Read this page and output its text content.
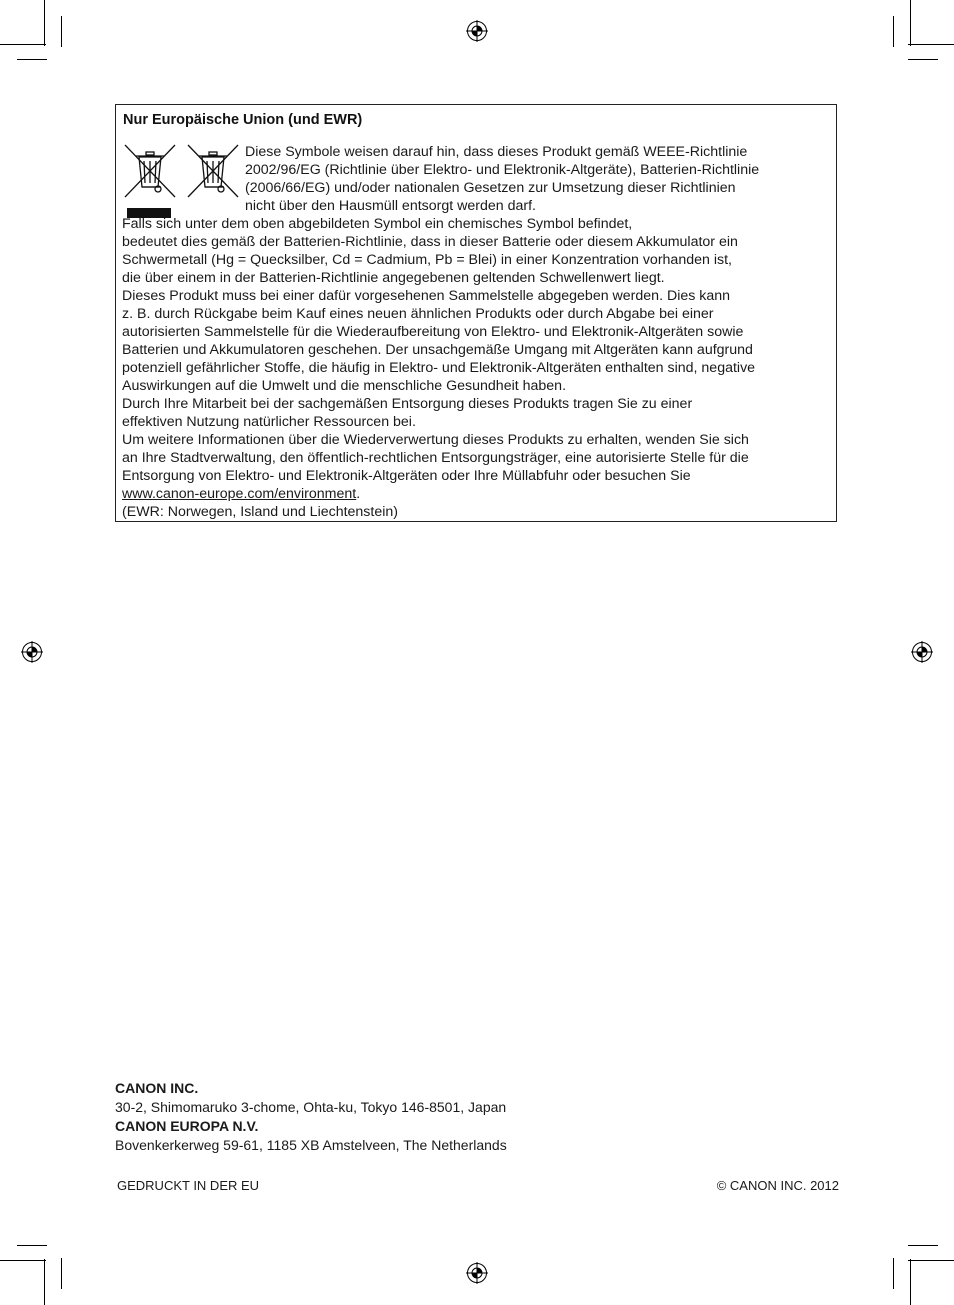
Nur Europäische Union (und EWR)
Diese Symbole weisen darauf hin, dass dieses Produkt gemäß WEEE-Richtlinie
2002/96/EG (Richtlinie über Elektro- und Elektronik-Altgeräte), Batterien-Richtlinie
(2006/66/EG) und/oder nationalen Gesetzen zur Umsetzung dieser Richtlinien
nicht über den Hausmüll entsorgt werden darf.
Falls sich unter dem oben abgebildeten Symbol ein chemisches Symbol befindet,
bedeutet dies gemäß der Batterien-Richtlinie, dass in dieser Batterie oder diesem Akkumulator ein
Schwermetall (Hg = Quecksilber, Cd = Cadmium, Pb = Blei) in einer Konzentration vorhanden ist,
die über einem in der Batterien-Richtlinie angegebenen geltenden Schwellenwert liegt.
Dieses Produkt muss bei einer dafür vorgesehenen Sammelstelle abgegeben werden. Dies kann
z. B. durch Rückgabe beim Kauf eines neuen ähnlichen Produkts oder durch Abgabe bei einer
autorisierten Sammelstelle für die Wiederaufbereitung von Elektro- und Elektronik-Altgeräten sowie
Batterien und Akkumulatoren geschehen. Der unsachgemäße Umgang mit Altgeräten kann aufgrund
potenziell gefährlicher Stoffe, die häufig in Elektro- und Elektronik-Altgeräten enthalten sind, negative
Auswirkungen auf die Umwelt und die menschliche Gesundheit haben.
Durch Ihre Mitarbeit bei der sachgemäßen Entsorgung dieses Produkts tragen Sie zu einer
effektiven Nutzung natürlicher Ressourcen bei.
Um weitere Informationen über die Wiederverwertung dieses Produkts zu erhalten, wenden Sie sich
an Ihre Stadtverwaltung, den öffentlich-rechtlichen Entsorgungsträger, eine autorisierte Stelle für die
Entsorgung von Elektro- und Elektronik-Altgeräten oder Ihre Müllabfuhr oder besuchen Sie
www.canon-europe.com/environment.
(EWR: Norwegen, Island und Liechtenstein)
CANON INC.
30-2, Shimomaruko 3-chome, Ohta-ku, Tokyo 146-8501, Japan
CANON EUROPA N.V.
Bovenkerkerweg 59-61, 1185 XB Amstelveen, The Netherlands
GEDRUCKT IN DER EU	© CANON INC. 2012
